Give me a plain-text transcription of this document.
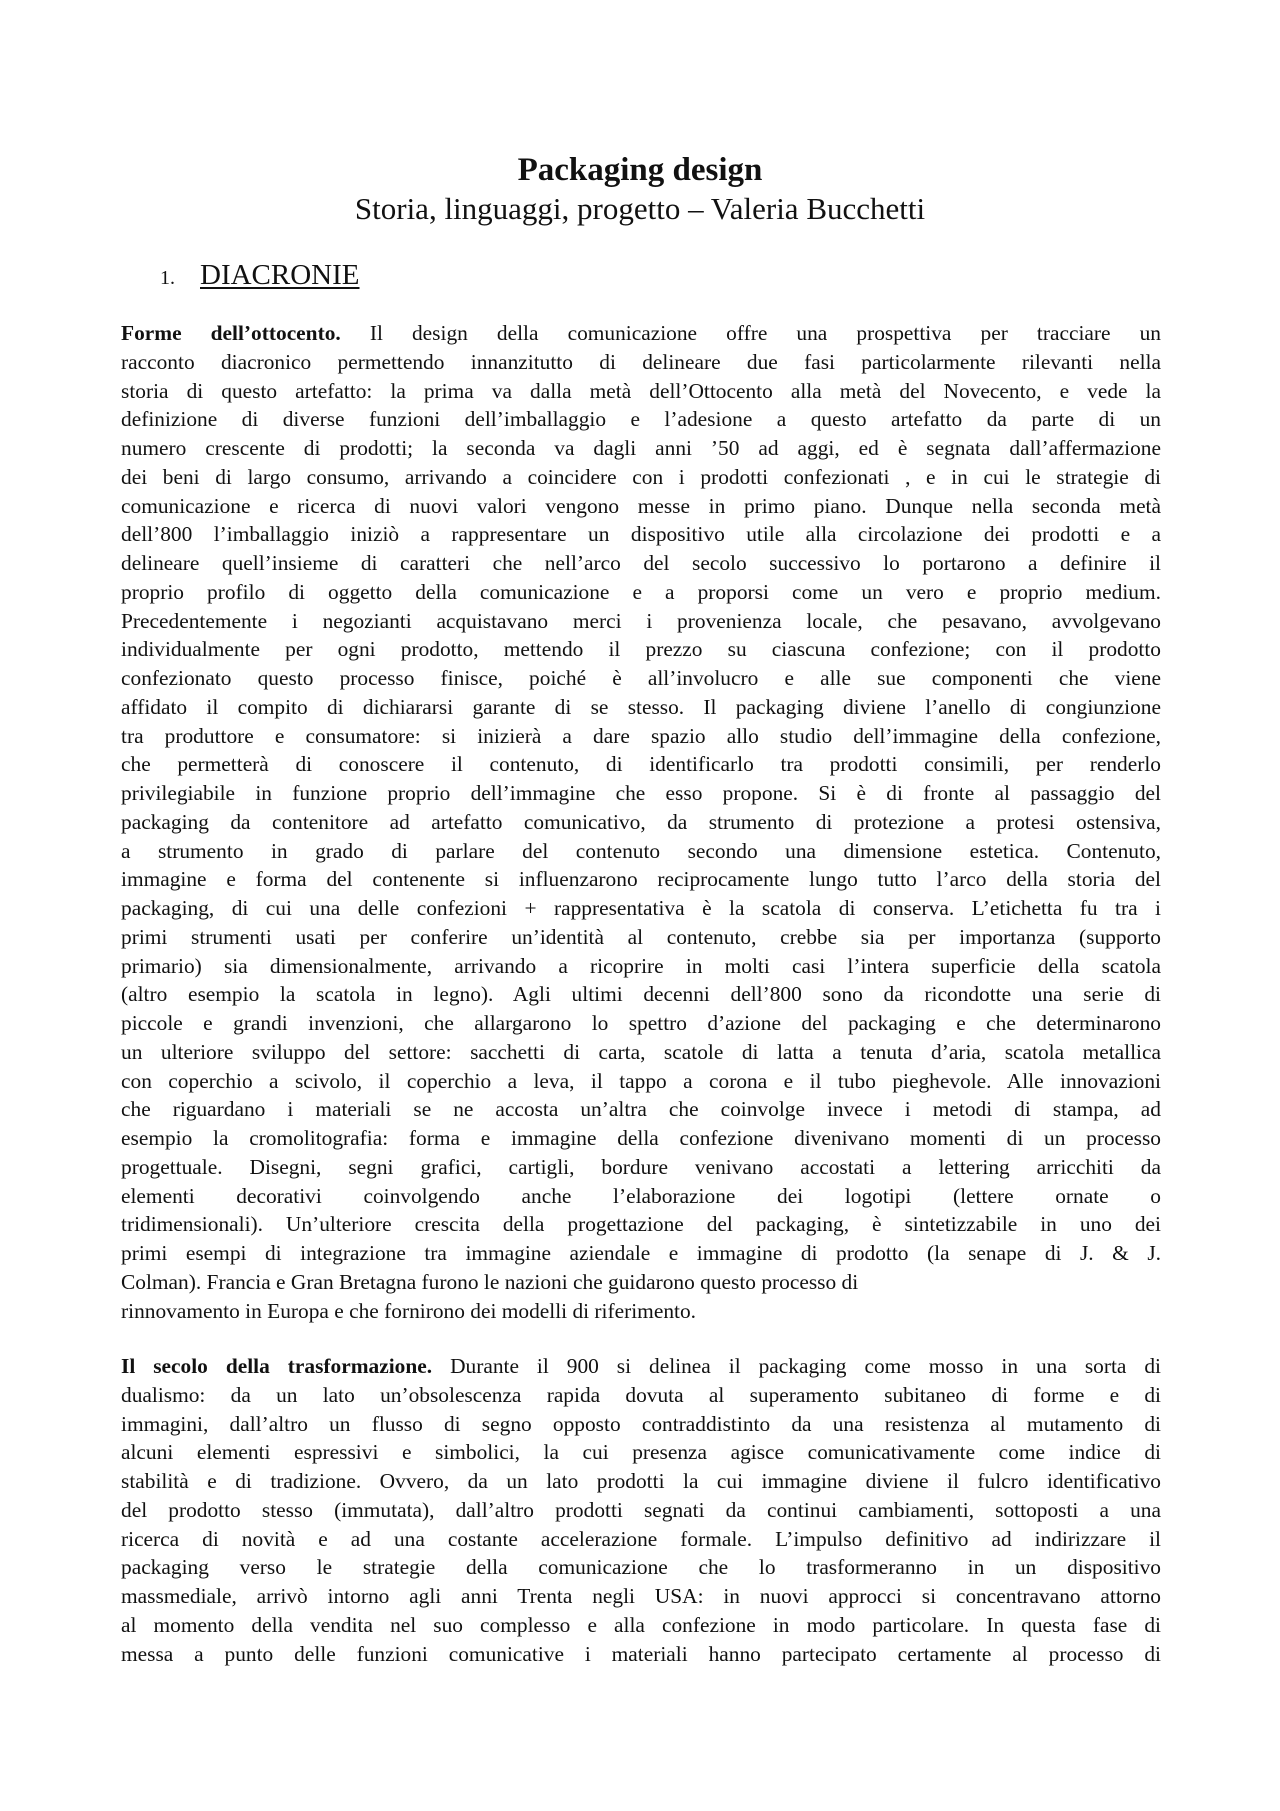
Packaging design
Storia, linguaggi, progetto – Valeria Bucchetti
1. DIACRONIE
Forme dell’ottocento. Il design della comunicazione offre una prospettiva per tracciare un
racconto diacronico permettendo innanzitutto di delineare due fasi particolarmente rilevanti nella
storia di questo artefatto: la prima va dalla metà dell’Ottocento alla metà del Novecento, e vede la
definizione di diverse funzioni dell’imballaggio e l’adesione a questo artefatto da parte di un
numero crescente di prodotti; la seconda va dagli anni ’50 ad aggi, ed è segnata dall’affermazione
dei beni di largo consumo, arrivando a coincidere con i prodotti confezionati , e in cui le strategie di
comunicazione e ricerca di nuovi valori vengono messe in primo piano. Dunque nella seconda metà
dell’800 l’imballaggio iniziò a rappresentare un dispositivo utile alla circolazione dei prodotti e a
delineare quell’insieme di caratteri che nell’arco del secolo successivo lo portarono a definire il
proprio profilo di oggetto della comunicazione e a proporsi come un vero e proprio medium.
Precedentemente i negozianti acquistavano merci i provenienza locale, che pesavano, avvolgevano
individualmente per ogni prodotto, mettendo il prezzo su ciascuna confezione; con il prodotto
confezionato questo processo finisce, poiché è all’involucro e alle sue componenti che viene
affidato il compito di dichiararsi garante di se stesso. Il packaging diviene l’anello di congiunzione
tra produttore e consumatore: si inizierà a dare spazio allo studio dell’immagine della confezione,
che permetterà di conoscere il contenuto, di identificarlo tra prodotti consimili, per renderlo
privilegiabile in funzione proprio dell’immagine che esso propone. Si è di fronte al passaggio del
packaging da contenitore ad artefatto comunicativo, da strumento di protezione a protesi ostensiva,
a strumento in grado di parlare del contenuto secondo una dimensione estetica. Contenuto,
immagine e forma del contenente si influenzarono reciprocamente lungo tutto l’arco della storia del
packaging, di cui una delle confezioni + rappresentativa è la scatola di conserva. L’etichetta fu tra i
primi strumenti usati per conferire un’identità al contenuto, crebbe sia per importanza (supporto
primario) sia dimensionalmente, arrivando a ricoprire in molti casi l’intera superficie della scatola
(altro esempio la scatola in legno). Agli ultimi decenni dell’800 sono da ricondotte una serie di
piccole e grandi invenzioni, che allargarono lo spettro d’azione del packaging e che determinarono
un ulteriore sviluppo del settore: sacchetti di carta, scatole di latta a tenuta d’aria, scatola metallica
con coperchio a scivolo, il coperchio a leva, il tappo a corona e il tubo pieghevole. Alle innovazioni
che riguardano i materiali se ne accosta un’altra che coinvolge invece i metodi di stampa, ad
esempio la cromolitografia: forma e immagine della confezione divenivano momenti di un processo
progettuale. Disegni, segni grafici, cartigli, bordure venivano accostati a lettering arricchiti da
elementi decorativi coinvolgendo anche l’elaborazione dei logotipi (lettere ornate o
tridimensionali). Un’ulteriore crescita della progettazione del packaging, è sintetizzabile in uno dei
primi esempi di integrazione tra immagine aziendale e immagine di prodotto (la senape di J. & J.
Colman). Francia e Gran Bretagna furono le nazioni che guidarono questo processo di
rinnovamento in Europa e che fornirono dei modelli di riferimento.
Il secolo della trasformazione. Durante il 900 si delinea il packaging come mosso in una sorta di
dualismo: da un lato un’obsolescenza rapida dovuta al superamento subitaneo di forme e di
immagini, dall’altro un flusso di segno opposto contraddistinto da una resistenza al mutamento di
alcuni elementi espressivi e simbolici, la cui presenza agisce comunicativamente come indice di
stabilità e di tradizione. Ovvero, da un lato prodotti la cui immagine diviene il fulcro identificativo
del prodotto stesso (immutata), dall’altro prodotti segnati da continui cambiamenti, sottoposti a una
ricerca di novità e ad una costante accelerazione formale. L’impulso definitivo ad indirizzare il
packaging verso le strategie della comunicazione che lo trasformeranno in un dispositivo
massmediale, arrivò intorno agli anni Trenta negli USA: in nuovi approcci si concentravano attorno
al momento della vendita nel suo complesso e alla confezione in modo particolare. In questa fase di
messa a punto delle funzioni comunicative i materiali hanno partecipato certamente al processo di
